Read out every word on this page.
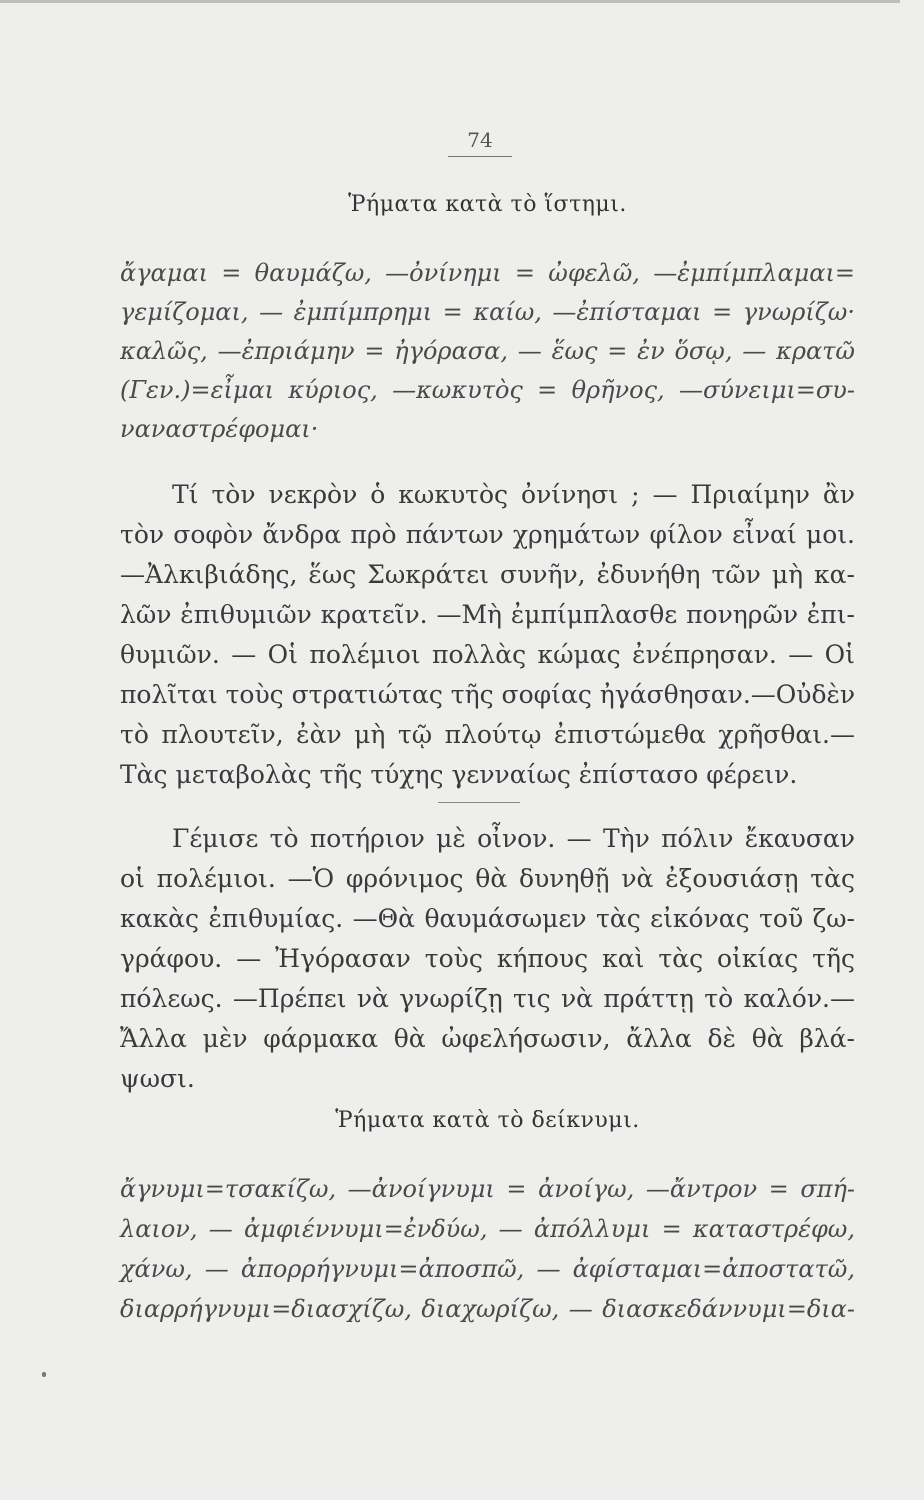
74
Ῥήματα κατὰ τὸ ἵστημι.
ἄγαμαι = θαυμάζω, —ὀνίνημι = ὠφελῶ, —ἐμπίμπλαμαι=
γεμίζομαι, — ἐμπίμπρημι = καίω, —ἐπίσταμαι = γνωρίζω·
καλῶς, —ἐπριάμην = ἠγόρασα, — ἕως = ἐν ὅσῳ, — κρατῶ
(Γεν.)=εἶμαι κύριος, —κωκυτὸς = θρῆνος, —σύνειμι=συ-
ναναστρέφομαι·
Τί τὸν νεκρὸν ὁ κωκυτὸς ὀνίνησι ; — Πριαίμην ἂν
τὸν σοφὸν ἄνδρα πρὸ πάντων χρημάτων φίλον εἶναί μοι.
—Ἀλκιβιάδης, ἕως Σωκράτει συνῆν, ἐδυνήθη τῶν μὴ κα-
λῶν ἐπιθυμιῶν κρατεῖν. —Μὴ ἐμπίμπλασθε πονηρῶν ἐπι-
θυμιῶν. — Οἱ πολέμιοι πολλὰς κώμας ἐνέπρησαν. — Οἱ
πολῖται τοὺς στρατιώτας τῆς σοφίας ἠγάσθησαν.—Οὐδὲν
τὸ πλουτεῖν, ἐὰν μὴ τῷ πλούτῳ ἐπιστώμεθα χρῆσθαι.—
Τὰς μεταβολὰς τῆς τύχης γενναίως ἐπίστασο φέρειν.
Γέμισε τὸ ποτήριον μὲ οἶνον. — Τὴν πόλιν ἔκαυσαν
οἱ πολέμιοι. —Ὁ φρόνιμος θὰ δυνηθῇ νὰ ἐξουσιάσῃ τὰς
κακὰς ἐπιθυμίας. —Θὰ θαυμάσωμεν τὰς εἰκόνας τοῦ ζω-
γράφου. — Ἠγόρασαν τοὺς κήπους καὶ τὰς οἰκίας τῆς
πόλεως. —Πρέπει νὰ γνωρίζῃ τις νὰ πράττῃ τὸ καλόν.—
Ἄλλα μὲν φάρμακα θὰ ὠφελήσωσιν, ἄλλα δὲ θὰ βλά-
ψωσι.
Ῥήματα κατὰ τὸ δείκνυμι.
ἄγνυμι=τσακίζω, —ἀνοίγνυμι = ἀνοίγω, —ἄντρον = σπή-
λαιον, — ἀμφιέννυμι=ἐνδύω, — ἀπόλλυμι = καταστρέφω,
χάνω, — ἀπορρήγνυμι=ἀποσπῶ, — ἀφίσταμαι=ἀποστατῶ,
διαρρήγνυμι=διασχίζω, διαχωρίζω, — διασκεδάννυμι=δια-
